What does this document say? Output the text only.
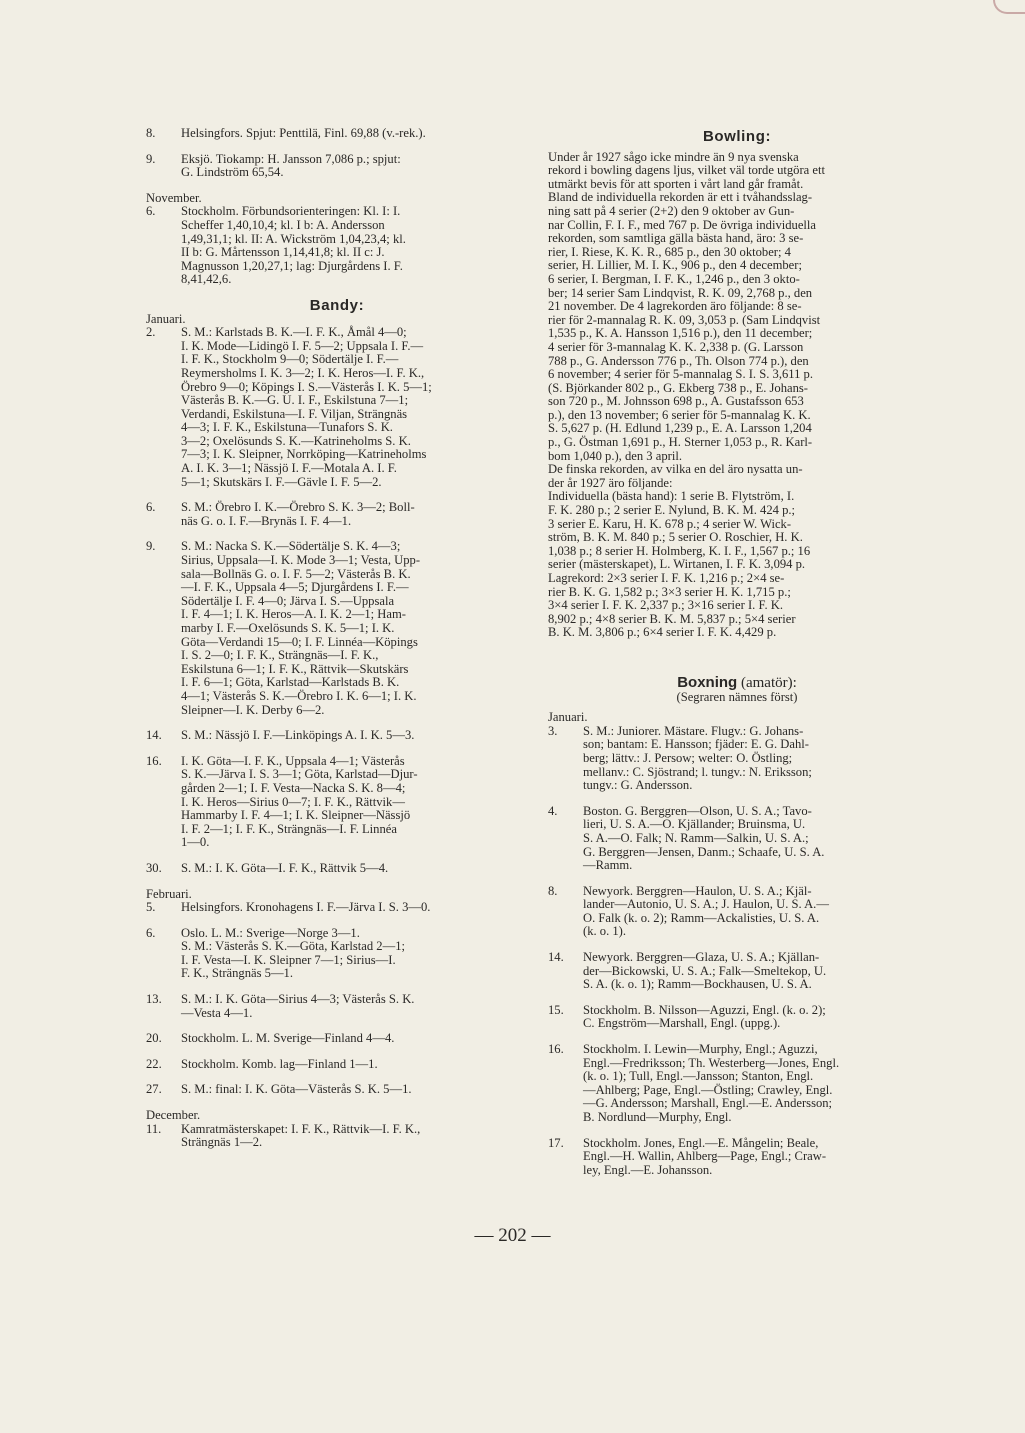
8.	Helsingfors. Spjut: Penttilä, Finl. 69,88 (v.-rek.).
9.	Eksjö. Tiokamp: H. Jansson 7,086 p.; spjut:
G. Lindström 65,54.
November.
6.	Stockholm. Förbundsorienteringen: Kl. I: I.
Scheffer 1,40,10,4; kl. I b: A. Andersson
1,49,31,1; kl. II: A. Wickström 1,04,23,4; kl.
II b: G. Mårtensson 1,14,41,8; kl. II c: J.
Magnusson 1,20,27,1; lag: Djurgårdens I. F.
8,41,42,6.
Bandy:
Januari.
2.	S. M.: Karlstads B. K.—I. F. K., Åmål 4—0;
I. K. Mode—Lidingö I. F. 5—2; Uppsala I. F.—
I. F. K., Stockholm 9—0; Södertälje I. F.—
Reymersholms I. K. 3—2; I. K. Heros—I. F. K.,
Örebro 9—0; Köpings I. S.—Västerås I. K. 5—1;
Västerås B. K.—G. U. I. F., Eskilstuna 7—1;
Verdandi, Eskilstuna—I. F. Viljan, Strängnäs
4—3; I. F. K., Eskilstuna—Tunafors S. K.
3—2; Oxelösunds S. K.—Katrineholms S. K.
7—3; I. K. Sleipner, Norrköping—Katrineholms
A. I. K. 3—1; Nässjö I. F.—Motala A. I. F.
5—1; Skutskärs I. F.—Gävle I. F. 5—2.
6.	S. M.: Örebro I. K.—Örebro S. K. 3—2; Boll-
näs G. o. I. F.—Brynäs I. F. 4—1.
9.	S. M.: Nacka S. K.—Södertälje S. K. 4—3;
Sirius, Uppsala—I. K. Mode 3—1; Vesta, Upp-
sala—Bollnäs G. o. I. F. 5—2; Västerås B. K.
—I. F. K., Uppsala 4—5; Djurgårdens I. F.—
Södertälje I. F. 4—0; Järva I. S.—Uppsala
I. F. 4—1; I. K. Heros—A. I. K. 2—1; Ham-
marby I. F.—Oxelösunds S. K. 5—1; I. K.
Göta—Verdandi 15—0; I. F. Linnéa—Köpings
I. S. 2—0; I. F. K., Strängnäs—I. F. K.,
Eskilstuna 6—1; I. F. K., Rättvik—Skutskärs
I. F. 6—1; Göta, Karlstad—Karlstads B. K.
4—1; Västerås S. K.—Örebro I. K. 6—1; I. K.
Sleipner—I. K. Derby 6—2.
14.	S. M.: Nässjö I. F.—Linköpings A. I. K. 5—3.
16.	I. K. Göta—I. F. K., Uppsala 4—1; Västerås
S. K.—Järva I. S. 3—1; Göta, Karlstad—Djur-
gården 2—1; I. F. Vesta—Nacka S. K. 8—4;
I. K. Heros—Sirius 0—7; I. F. K., Rättvik—
Hammarby I. F. 4—1; I. K. Sleipner—Nässjö
I. F. 2—1; I. F. K., Strängnäs—I. F. Linnéa
1—0.
30.	S. M.: I. K. Göta—I. F. K., Rättvik 5—4.
Februari.
5.	Helsingfors. Kronohagens I. F.—Järva I. S. 3—0.
6.	Oslo. L. M.: Sverige—Norge 3—1.
S. M.: Västerås S. K.—Göta, Karlstad 2—1;
I. F. Vesta—I. K. Sleipner 7—1; Sirius—I.
F. K., Strängnäs 5—1.
13.	S. M.: I. K. Göta—Sirius 4—3; Västerås S. K.
—Vesta 4—1.
20.	Stockholm. L. M. Sverige—Finland 4—4.
22.	Stockholm. Komb. lag—Finland 1—1.
27.	S. M.: final: I. K. Göta—Västerås S. K. 5—1.
December.
11.	Kamratmästerskapet: I. F. K., Rättvik—I. F. K.,
Strängnäs 1—2.
Bowling:
Under år 1927 sågo icke mindre än 9 nya svenska
rekord i bowling dagens ljus, vilket väl torde utgöra ett
utmärkt bevis för att sporten i vårt land går framåt.
Bland de individuella rekorden är ett i tvåhandsslag-
ning satt på 4 serier (2+2) den 9 oktober av Gun-
nar Collin, F. I. F., med 767 p. De övriga individuella
rekorden, som samtliga gälla bästa hand, äro: 3 se-
rier, I. Riese, K. K. R., 685 p., den 30 oktober; 4
serier, H. Lillier, M. I. K., 906 p., den 4 december;
6 serier, I. Bergman, I. F. K., 1,246 p., den 3 okto-
ber; 14 serier Sam Lindqvist, R. K. 09, 2,768 p., den
21 november. De 4 lagrekorden äro följande: 8 se-
rier för 2-mannalag R. K. 09, 3,053 p. (Sam Lindqvist
1,535 p., K. A. Hansson 1,516 p.), den 11 december;
4 serier för 3-mannalag K. K. 2,338 p. (G. Larsson
788 p., G. Andersson 776 p., Th. Olson 774 p.), den
6 november; 4 serier för 5-mannalag S. I. S. 3,611 p.
(S. Björkander 802 p., G. Ekberg 738 p., E. Johans-
son 720 p., M. Johnsson 698 p., A. Gustafsson 653
p.), den 13 november; 6 serier för 5-mannalag K. K.
S. 5,627 p. (H. Edlund 1,239 p., E. A. Larsson 1,204
p., G. Östman 1,691 p., H. Sterner 1,053 p., R. Karl-
bom 1,040 p.), den 3 april.
De finska rekorden, av vilka en del äro nysatta un-
der år 1927 äro följande:
Individuella (bästa hand): 1 serie B. Flytström, I.
F. K. 280 p.; 2 serier E. Nylund, B. K. M. 424 p.;
3 serier E. Karu, H. K. 678 p.; 4 serier W. Wick-
ström, B. K. M. 840 p.; 5 serier O. Roschier, H. K.
1,038 p.; 8 serier H. Holmberg, K. I. F., 1,567 p.; 16
serier (mästerskapet), L. Wirtanen, I. F. K. 3,094 p.
Lagrekord: 2×3 serier I. F. K. 1,216 p.; 2×4 se-
rier B. K. G. 1,582 p.; 3×3 serier H. K. 1,715 p.;
3×4 serier I. F. K. 2,337 p.; 3×16 serier I. F. K.
8,902 p.; 4×8 serier B. K. M. 5,837 p.; 5×4 serier
B. K. M. 3,806 p.; 6×4 serier I. F. K. 4,429 p.
Boxning (amatör):
(Segraren nämnes först)
Januari.
3.	S. M.: Juniorer. Mästare. Flugv.: G. Johans-
son; bantam: E. Hansson; fjäder: E. G. Dahl-
berg; lättv.: J. Persow; welter: O. Östling;
mellanv.: C. Sjöstrand; l. tungv.: N. Eriksson;
tungv.: G. Andersson.
4.	Boston. G. Berggren—Olson, U. S. A.; Tavo-
lieri, U. S. A.—O. Kjällander; Bruinsma, U.
S. A.—O. Falk; N. Ramm—Salkin, U. S. A.;
G. Berggren—Jensen, Danm.; Schaafe, U. S. A.
—Ramm.
8.	Newyork. Berggren—Haulon, U. S. A.; Kjäl-
lander—Autonio, U. S. A.; J. Haulon, U. S. A.—
O. Falk (k. o. 2); Ramm—Ackalisties, U. S. A.
(k. o. 1).
14.	Newyork. Berggren—Glaza, U. S. A.; Kjällan-
der—Bickowski, U. S. A.; Falk—Smeltekop, U.
S. A. (k. o. 1); Ramm—Bockhausen, U. S. A.
15.	Stockholm. B. Nilsson—Aguzzi, Engl. (k. o. 2);
C. Engström—Marshall, Engl. (uppg.).
16.	Stockholm. I. Lewin—Murphy, Engl.; Aguzzi,
Engl.—Fredriksson; Th. Westerberg—Jones, Engl.
(k. o. 1); Tull, Engl.—Jansson; Stanton, Engl.
—Ahlberg; Page, Engl.—Östling; Crawley, Engl.
—G. Andersson; Marshall, Engl.—E. Andersson;
B. Nordlund—Murphy, Engl.
17.	Stockholm. Jones, Engl.—E. Mångelin; Beale,
Engl.—H. Wallin, Ahlberg—Page, Engl.; Craw-
ley, Engl.—E. Johansson.
— 202 —
